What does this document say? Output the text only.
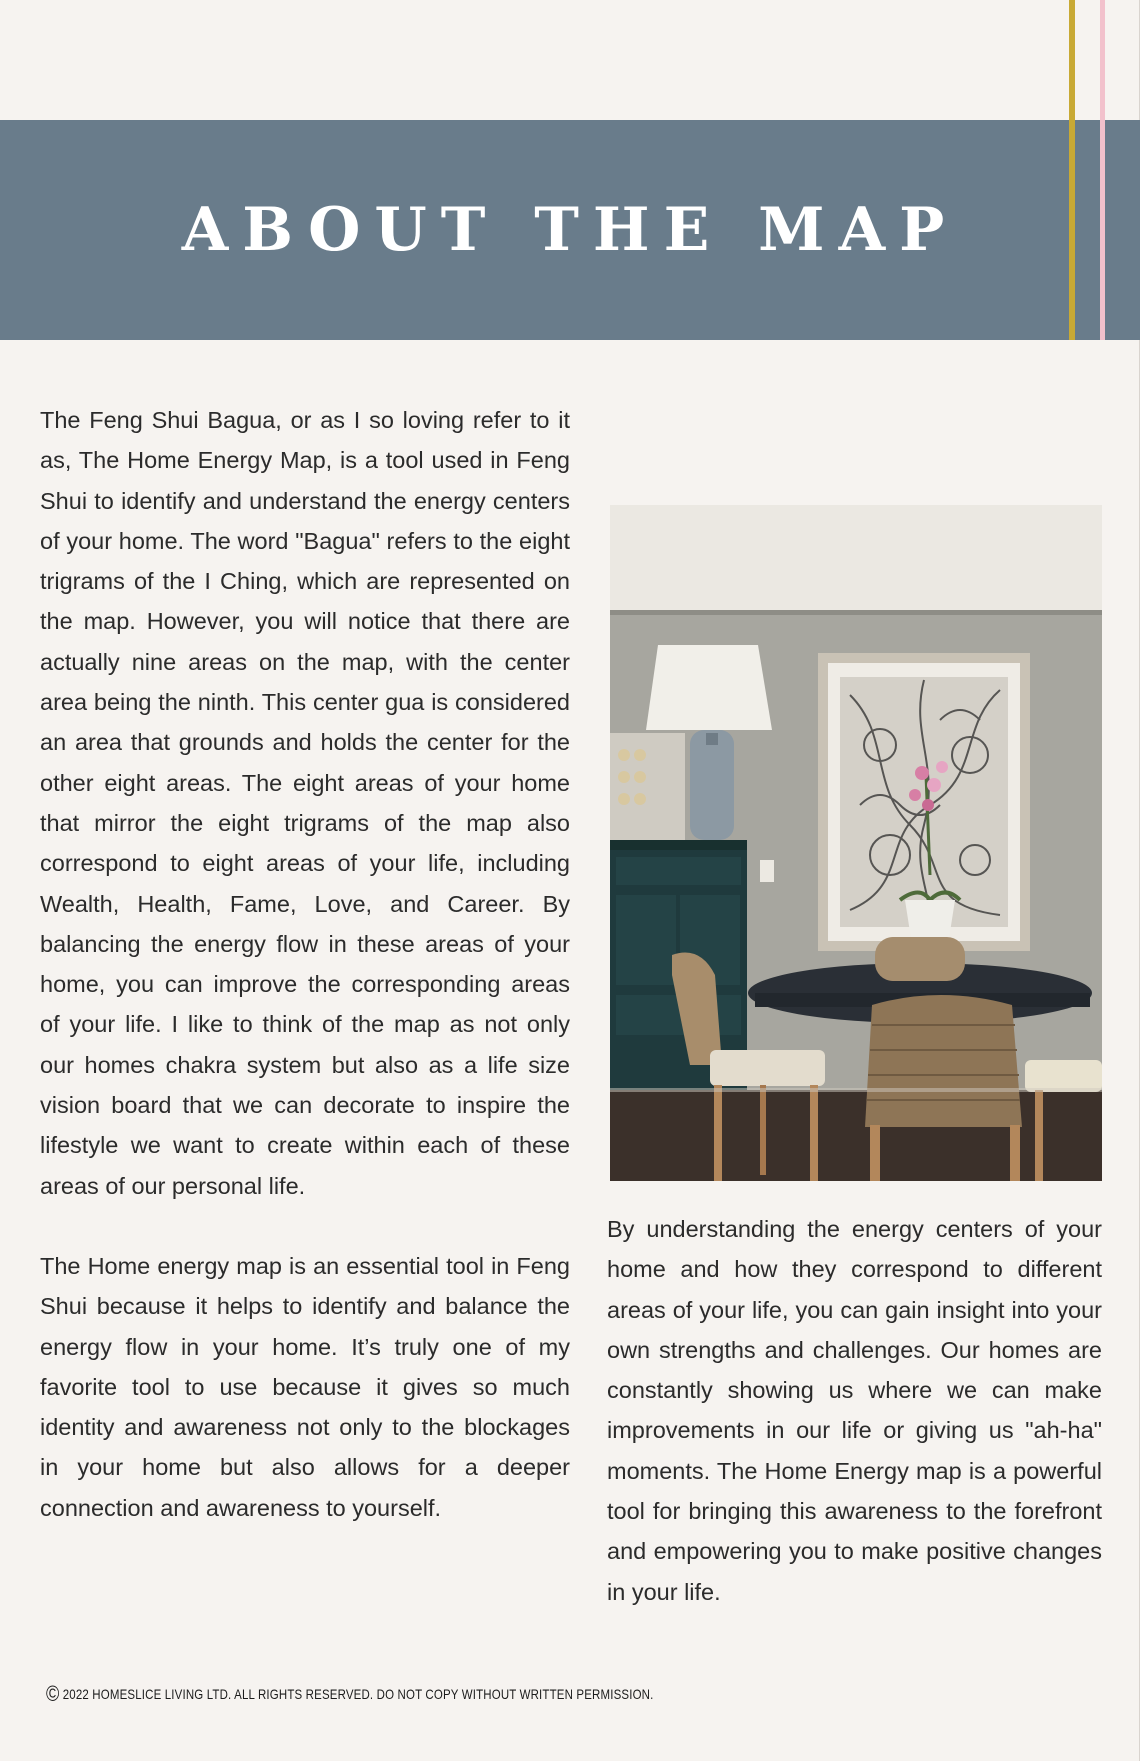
ABOUT THE MAP

The Feng Shui Bagua, or as I so loving refer to it as, The Home Energy Map, is a tool used in Feng Shui to identify and understand the energy centers of your home. The word "Bagua" refers to the eight trigrams of the I Ching, which are represented on the map. However, you will notice that there are actually nine areas on the map, with the center area being the ninth. This center gua is considered an area that grounds and holds the center for the other eight areas. The eight areas of your home that mirror the eight trigrams of the map also correspond to eight areas of your life, including Wealth, Health, Fame, Love, and Career. By balancing the energy flow in these areas of your home, you can improve the corresponding areas of your life. I like to think of the map as not only our homes chakra system but also as a life size vision board that we can decorate to inspire the lifestyle we want to create within each of these areas of our personal life.

The Home energy map is an essential tool in Feng Shui because it helps to identify and balance the energy flow in your home. It’s truly one of my favorite tool to use because it gives so much identity and awareness not only to the blockages in your home but also allows for a deeper connection and awareness to yourself.

By understanding the energy centers of your home and how they correspond to different areas of your life, you can gain insight into your own strengths and challenges. Our homes are constantly showing us where we can make improvements in our life or giving us "ah-ha" moments. The Home Energy map is a powerful tool for bringing this awareness to the forefront and empowering you to make positive changes in your life.

© 2022 HOMESLICE LIVING LTD. ALL RIGHTS RESERVED. DO NOT COPY WITHOUT WRITTEN PERMISSION.
